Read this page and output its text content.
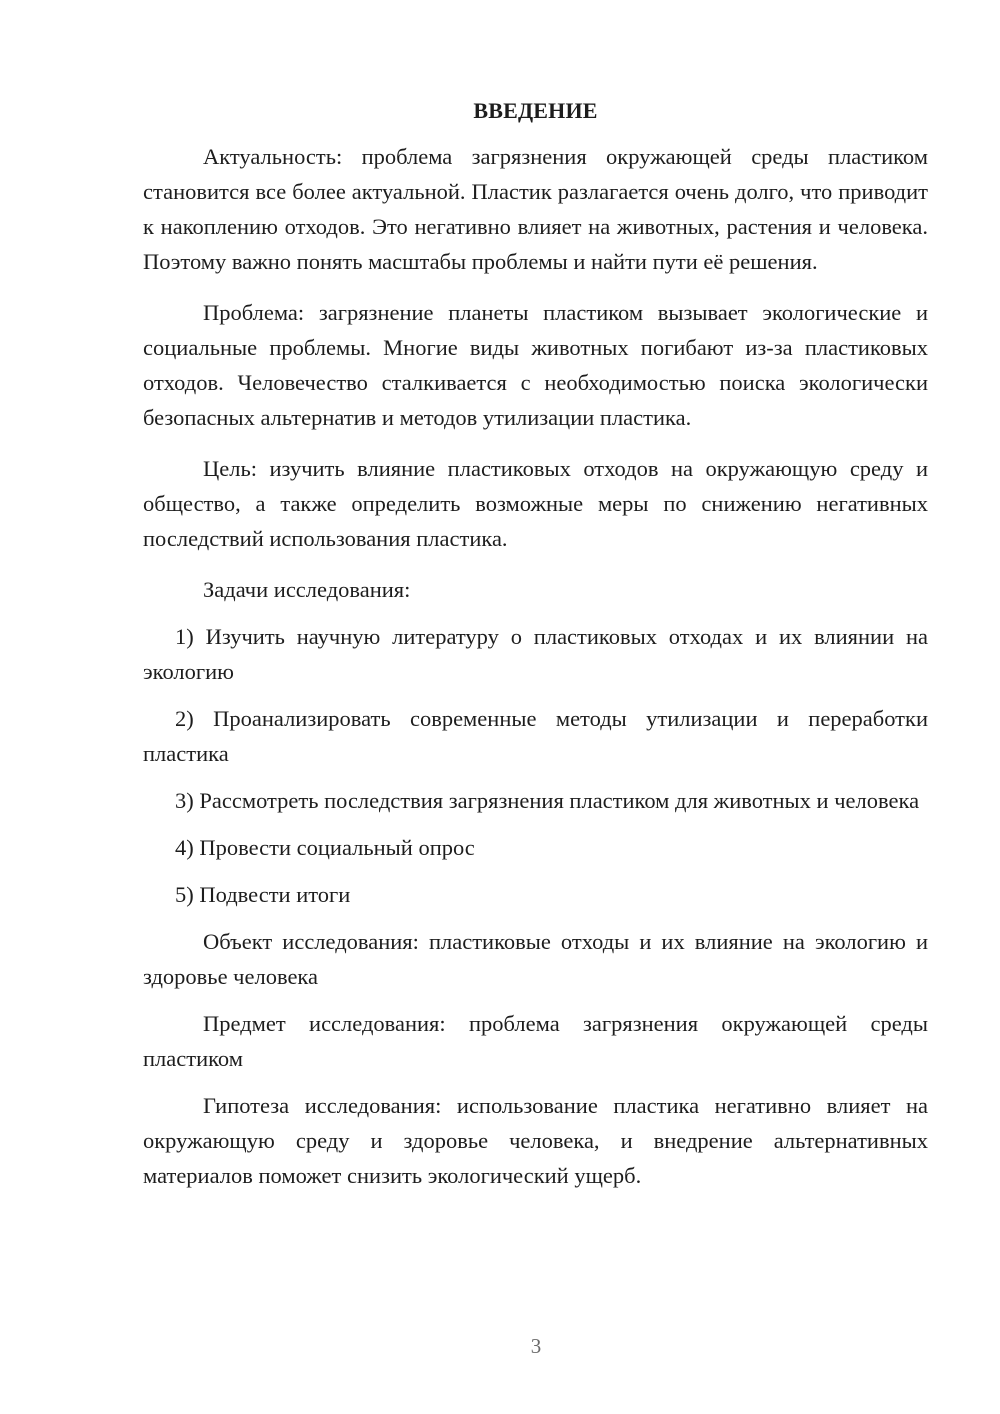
ВВЕДЕНИЕ

Актуальность: проблема загрязнения окружающей среды пластиком становится все более актуальной. Пластик разлагается очень долго, что приводит к накоплению отходов. Это негативно влияет на животных, растения и человека. Поэтому важно понять масштабы проблемы и найти пути её решения.

Проблема: загрязнение планеты пластиком вызывает экологические и социальные проблемы. Многие виды животных погибают из-за пластиковых отходов. Человечество сталкивается с необходимостью поиска экологически безопасных альтернатив и методов утилизации пластика.

Цель: изучить влияние пластиковых отходов на окружающую среду и общество, а также определить возможные меры по снижению негативных последствий использования пластика.

Задачи исследования:

1) Изучить научную литературу о пластиковых отходах и их влиянии на экологию

2) Проанализировать современные методы утилизации и переработки пластика

3) Рассмотреть последствия загрязнения пластиком для животных и человека

4) Провести социальный опрос

5) Подвести итоги

Объект исследования: пластиковые отходы и их влияние на экологию и здоровье человека

Предмет исследования: проблема загрязнения окружающей среды пластиком

Гипотеза исследования: использование пластика негативно влияет на окружающую среду и здоровье человека, и внедрение альтернативных материалов поможет снизить экологический ущерб.

3
